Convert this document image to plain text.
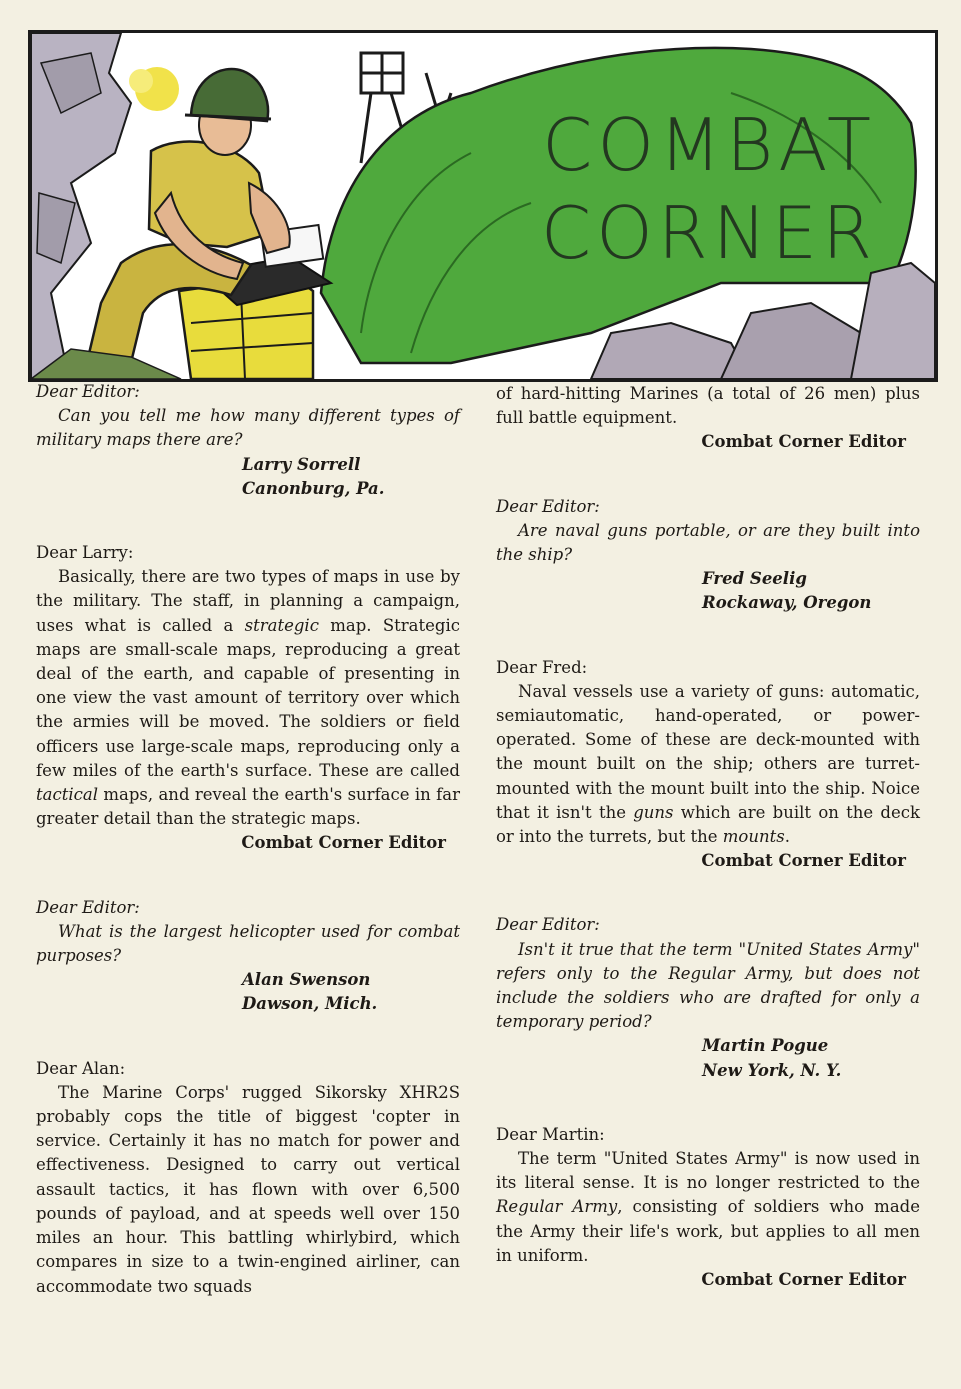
COMBAT
CORNER
Dear Editor:
Can you tell me how many different types of military maps there are?
Larry Sorrell
Canonburg, Pa.
Dear Larry:
Basically, there are two types of maps in use by the military. The staff, in planning a campaign, uses what is called a strategic map. Strategic maps are small-scale maps, reproducing a great deal of the earth, and capable of presenting in one view the vast amount of territory over which the armies will be moved. The soldiers or field officers use large-scale maps, reproducing only a few miles of the earth's surface. These are called tactical maps, and reveal the earth's surface in far greater detail than the strategic maps.
Combat Corner Editor
Dear Editor:
What is the largest helicopter used for combat purposes?
Alan Swenson
Dawson, Mich.
Dear Alan:
The Marine Corps' rugged Sikorsky XHR2S probably cops the title of biggest 'copter in service. Certainly it has no match for power and effectiveness. Designed to carry out vertical assault tactics, it has flown with over 6,500 pounds of payload, and at speeds well over 150 miles an hour. This battling whirlybird, which compares in size to a twin-engined airliner, can accommodate two squads
of hard-hitting Marines (a total of 26 men) plus full battle equipment.
Combat Corner Editor
Dear Editor:
Are naval guns portable, or are they built into the ship?
Fred Seelig
Rockaway, Oregon
Dear Fred:
Naval vessels use a variety of guns: automatic, semiautomatic, hand-operated, or power-operated. Some of these are deck-mounted with the mount built on the ship; others are turret-mounted with the mount built into the ship. Noice that it isn't the guns which are built on the deck or into the turrets, but the mounts.
Combat Corner Editor
Dear Editor:
Isn't it true that the term "United States Army" refers only to the Regular Army, but does not include the soldiers who are drafted for only a temporary period?
Martin Pogue
New York, N. Y.
Dear Martin:
The term "United States Army" is now used in its literal sense. It is no longer restricted to the Regular Army, consisting of soldiers who made the Army their life's work, but applies to all men in uniform.
Combat Corner Editor
